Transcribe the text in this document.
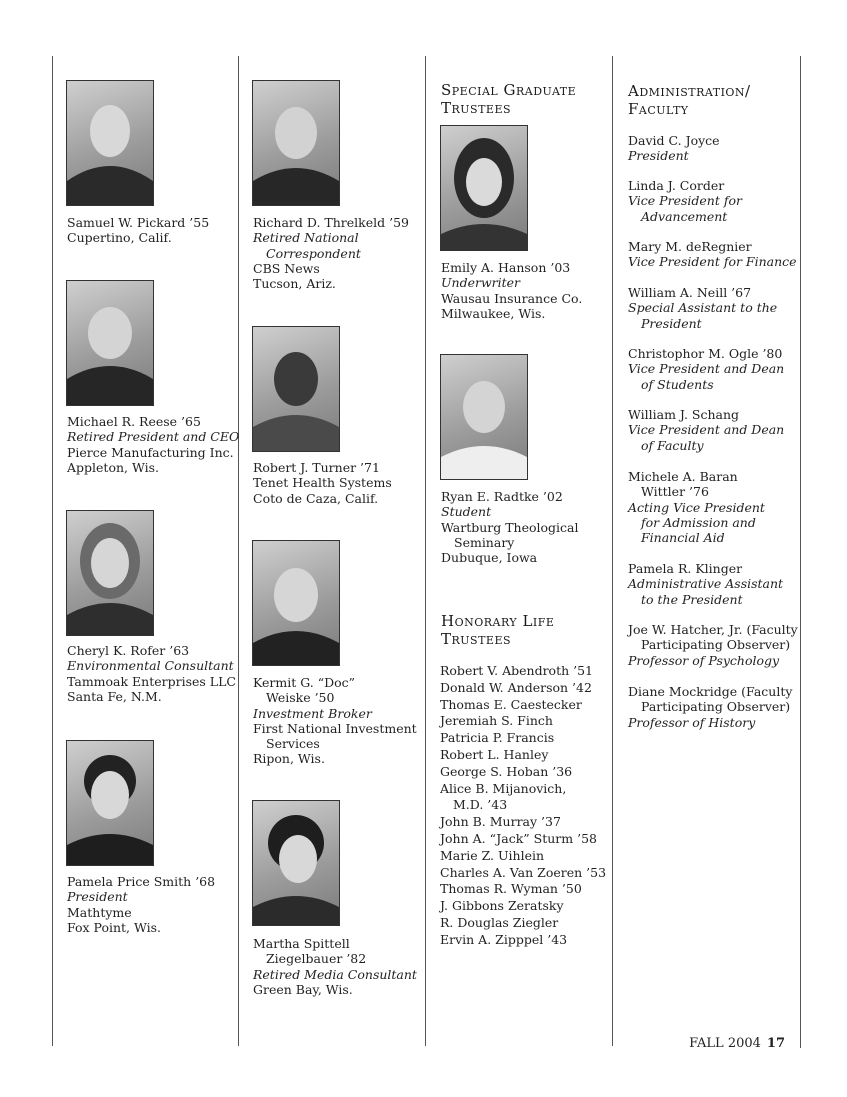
Samuel W. Pickard ’55
Cupertino, Calif.
Michael R. Reese ’65
Retired President and CEO
Pierce Manufacturing Inc.
Appleton, Wis.
Cheryl K. Rofer ’63
Environmental Consultant
Tammoak Enterprises LLC
Santa Fe, N.M.
Pamela Price Smith ’68
President
Mathtyme
Fox Point, Wis.
Richard D. Threlkeld ’59
Retired National
Correspondent
CBS News
Tucson, Ariz.
Robert J. Turner ’71
Tenet Health Systems
Coto de Caza, Calif.
Kermit G. “Doc”
Weiske ’50
Investment Broker
First National Investment
Services
Ripon, Wis.
Martha Spittell
Ziegelbauer ’82
Retired Media Consultant
Green Bay, Wis.
Special Graduate
Trustees
Emily A. Hanson ’03
Underwriter
Wausau Insurance Co.
Milwaukee, Wis.
Ryan E. Radtke ’02
Student
Wartburg Theological
Seminary
Dubuque, Iowa
Honorary Life
Trustees
Robert V. Abendroth ’51
Donald W. Anderson ’42
Thomas E. Caestecker
Jeremiah S. Finch
Patricia P. Francis
Robert L. Hanley
George S. Hoban ’36
Alice B. Mijanovich,
M.D. ’43
John B. Murray ’37
John A. “Jack” Sturm ’58
Marie Z. Uihlein
Charles A. Van Zoeren ’53
Thomas R. Wyman ’50
J. Gibbons Zeratsky
R. Douglas Ziegler
Ervin A. Zipppel ’43
Administration/
Faculty
David C. Joyce
President
Linda J. Corder
Vice President for
Advancement
Mary M. deRegnier
Vice President for Finance
William A. Neill ’67
Special Assistant to the
President
Christophor M. Ogle ’80
Vice President and Dean
of Students
William J. Schang
Vice President and Dean
of Faculty
Michele A. Baran
Wittler ’76
Acting Vice President
for Admission and
Financial Aid
Pamela R. Klinger
Administrative Assistant
to the President
Joe W. Hatcher, Jr. (Faculty
Participating Observer)
Professor of Psychology
Diane Mockridge (Faculty
Participating Observer)
Professor of History
FALL 2004 17
